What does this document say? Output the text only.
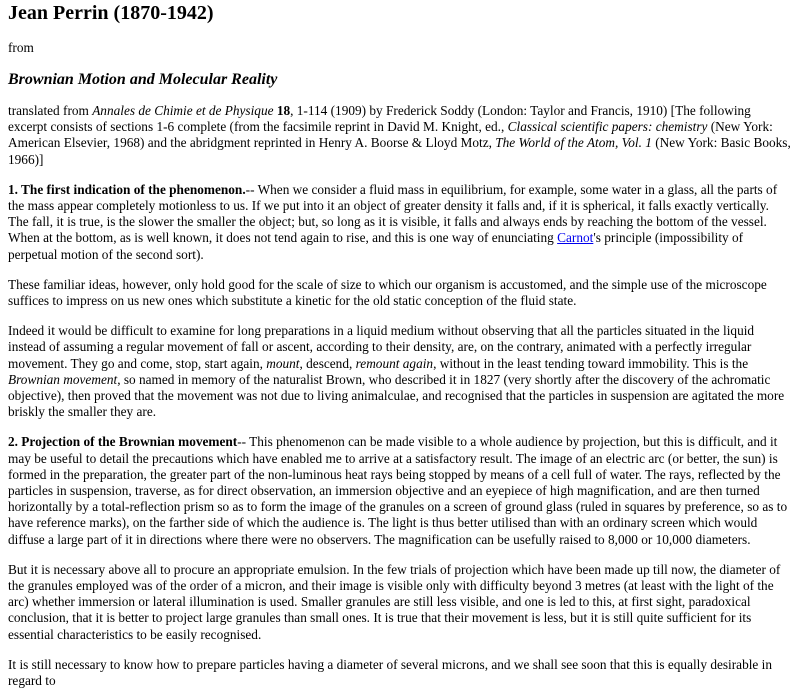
Jean Perrin (1870-1942)
from
Brownian Motion and Molecular Reality

translated from Annales de Chimie et de Physique 18, 1-114 (1909) by Frederick Soddy (London: Taylor and Francis, 1910) [The following excerpt consists of sections 1-6 complete (from the facsimile reprint in David M. Knight, ed., Classical scientific papers: chemistry (New York: American Elsevier, 1968) and the abridgment reprinted in Henry A. Boorse & Lloyd Motz, The World of the Atom, Vol. 1 (New York: Basic Books, 1966)]

1. The first indication of the phenomenon.-- When we consider a fluid mass in equilibrium, for example, some water in a glass, all the parts of the mass appear completely motionless to us. If we put into it an object of greater density it falls and, if it is spherical, it falls exactly vertically. The fall, it is true, is the slower the smaller the object; but, so long as it is visible, it falls and always ends by reaching the bottom of the vessel. When at the bottom, as is well known, it does not tend again to rise, and this is one way of enunciating Carnot's principle (impossibility of perpetual motion of the second sort).

These familiar ideas, however, only hold good for the scale of size to which our organism is accustomed, and the simple use of the microscope suffices to impress on us new ones which substitute a kinetic for the old static conception of the fluid state.

Indeed it would be difficult to examine for long preparations in a liquid medium without observing that all the particles situated in the liquid instead of assuming a regular movement of fall or ascent, according to their density, are, on the contrary, animated with a perfectly irregular movement. They go and come, stop, start again, mount, descend, remount again, without in the least tending toward immobility. This is the Brownian movement, so named in memory of the naturalist Brown, who described it in 1827 (very shortly after the discovery of the achromatic objective), then proved that the movement was not due to living animalculae, and recognised that the particles in suspension are agitated the more briskly the smaller they are.

2. Projection of the Brownian movement-- This phenomenon can be made visible to a whole audience by projection, but this is difficult, and it may be useful to detail the precautions which have enabled me to arrive at a satisfactory result. The image of an electric arc (or better, the sun) is formed in the preparation, the greater part of the non-luminous heat rays being stopped by means of a cell full of water. The rays, reflected by the particles in suspension, traverse, as for direct observation, an immersion objective and an eyepiece of high magnification, and are then turned horizontally by a total-reflection prism so as to form the image of the granules on a screen of ground glass (ruled in squares by preference, so as to have reference marks), on the farther side of which the audience is. The light is thus better utilised than with an ordinary screen which would diffuse a large part of it in directions where there were no observers. The magnification can be usefully raised to 8,000 or 10,000 diameters.

But it is necessary above all to procure an appropriate emulsion. In the few trials of projection which have been made up till now, the diameter of the granules employed was of the order of a micron, and their image is visible only with difficulty beyond 3 metres (at least with the light of the arc) whether immersion or lateral illumination is used. Smaller granules are still less visible, and one is led to this, at first sight, paradoxical conclusion, that it is better to project large granules than small ones. It is true that their movement is less, but it is still quite sufficient for its essential characteristics to be easily recognised.

It is still necessary to know how to prepare particles having a diameter of several microns, and we shall see soon that this is equally desirable in regard to
